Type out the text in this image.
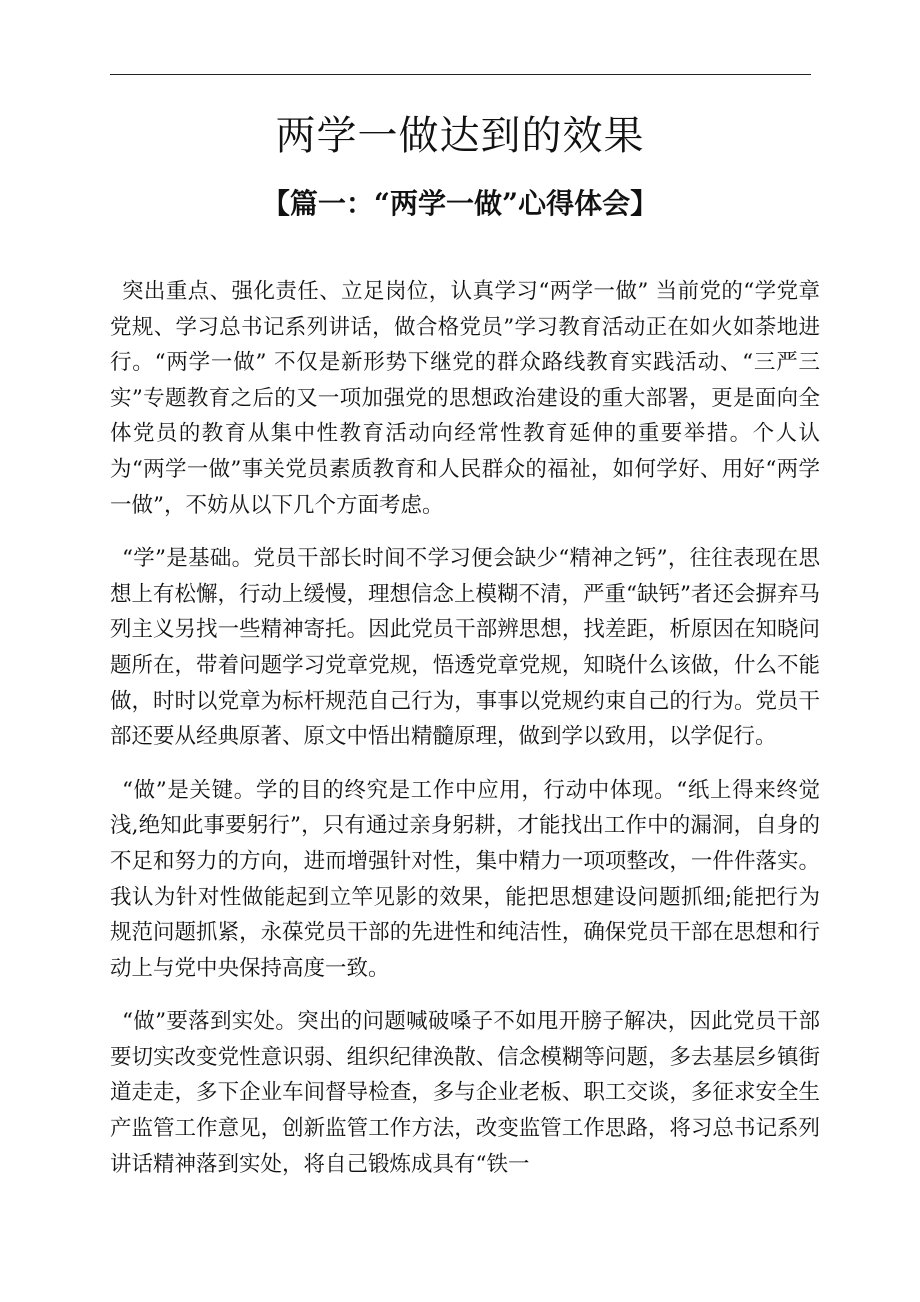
两学一做达到的效果
【篇一：“两学一做”心得体会】

突出重点、强化责任、立足岗位，认真学习“两学一做” 当前党的“学党章党规、学习总书记系列讲话，做合格党员”学习教育活动正在如火如荼地进行。“两学一做” 不仅是新形势下继党的群众路线教育实践活动、“三严三实”专题教育之后的又一项加强党的思想政治建设的重大部署，更是面向全体党员的教育从集中性教育活动向经常性教育延伸的重要举措。个人认为“两学一做”事关党员素质教育和人民群众的福祉，如何学好、用好“两学一做”，不妨从以下几个方面考虑。

“学”是基础。党员干部长时间不学习便会缺少“精神之钙”，往往表现在思想上有松懈，行动上缓慢，理想信念上模糊不清，严重“缺钙”者还会摒弃马列主义另找一些精神寄托。因此党员干部辨思想，找差距，析原因在知晓问题所在，带着问题学习党章党规，悟透党章党规，知晓什么该做，什么不能做，时时以党章为标杆规范自己行为，事事以党规约束自己的行为。党员干部还要从经典原著、原文中悟出精髓原理，做到学以致用，以学促行。

“做”是关键。学的目的终究是工作中应用，行动中体现。“纸上得来终觉浅,绝知此事要躬行”，只有通过亲身躬耕，才能找出工作中的漏洞，自身的不足和努力的方向，进而增强针对性，集中精力一项项整改，一件件落实。我认为针对性做能起到立竿见影的效果，能把思想建设问题抓细;能把行为规范问题抓紧，永葆党员干部的先进性和纯洁性，确保党员干部在思想和行动上与党中央保持高度一致。

“做”要落到实处。突出的问题喊破嗓子不如甩开膀子解决，因此党员干部要切实改变党性意识弱、组织纪律涣散、信念模糊等问题，多去基层乡镇街道走走，多下企业车间督导检查，多与企业老板、职工交谈，多征求安全生产监管工作意见，创新监管工作方法，改变监管工作思路，将习总书记系列讲话精神落到实处，将自己锻炼成具有“铁一
